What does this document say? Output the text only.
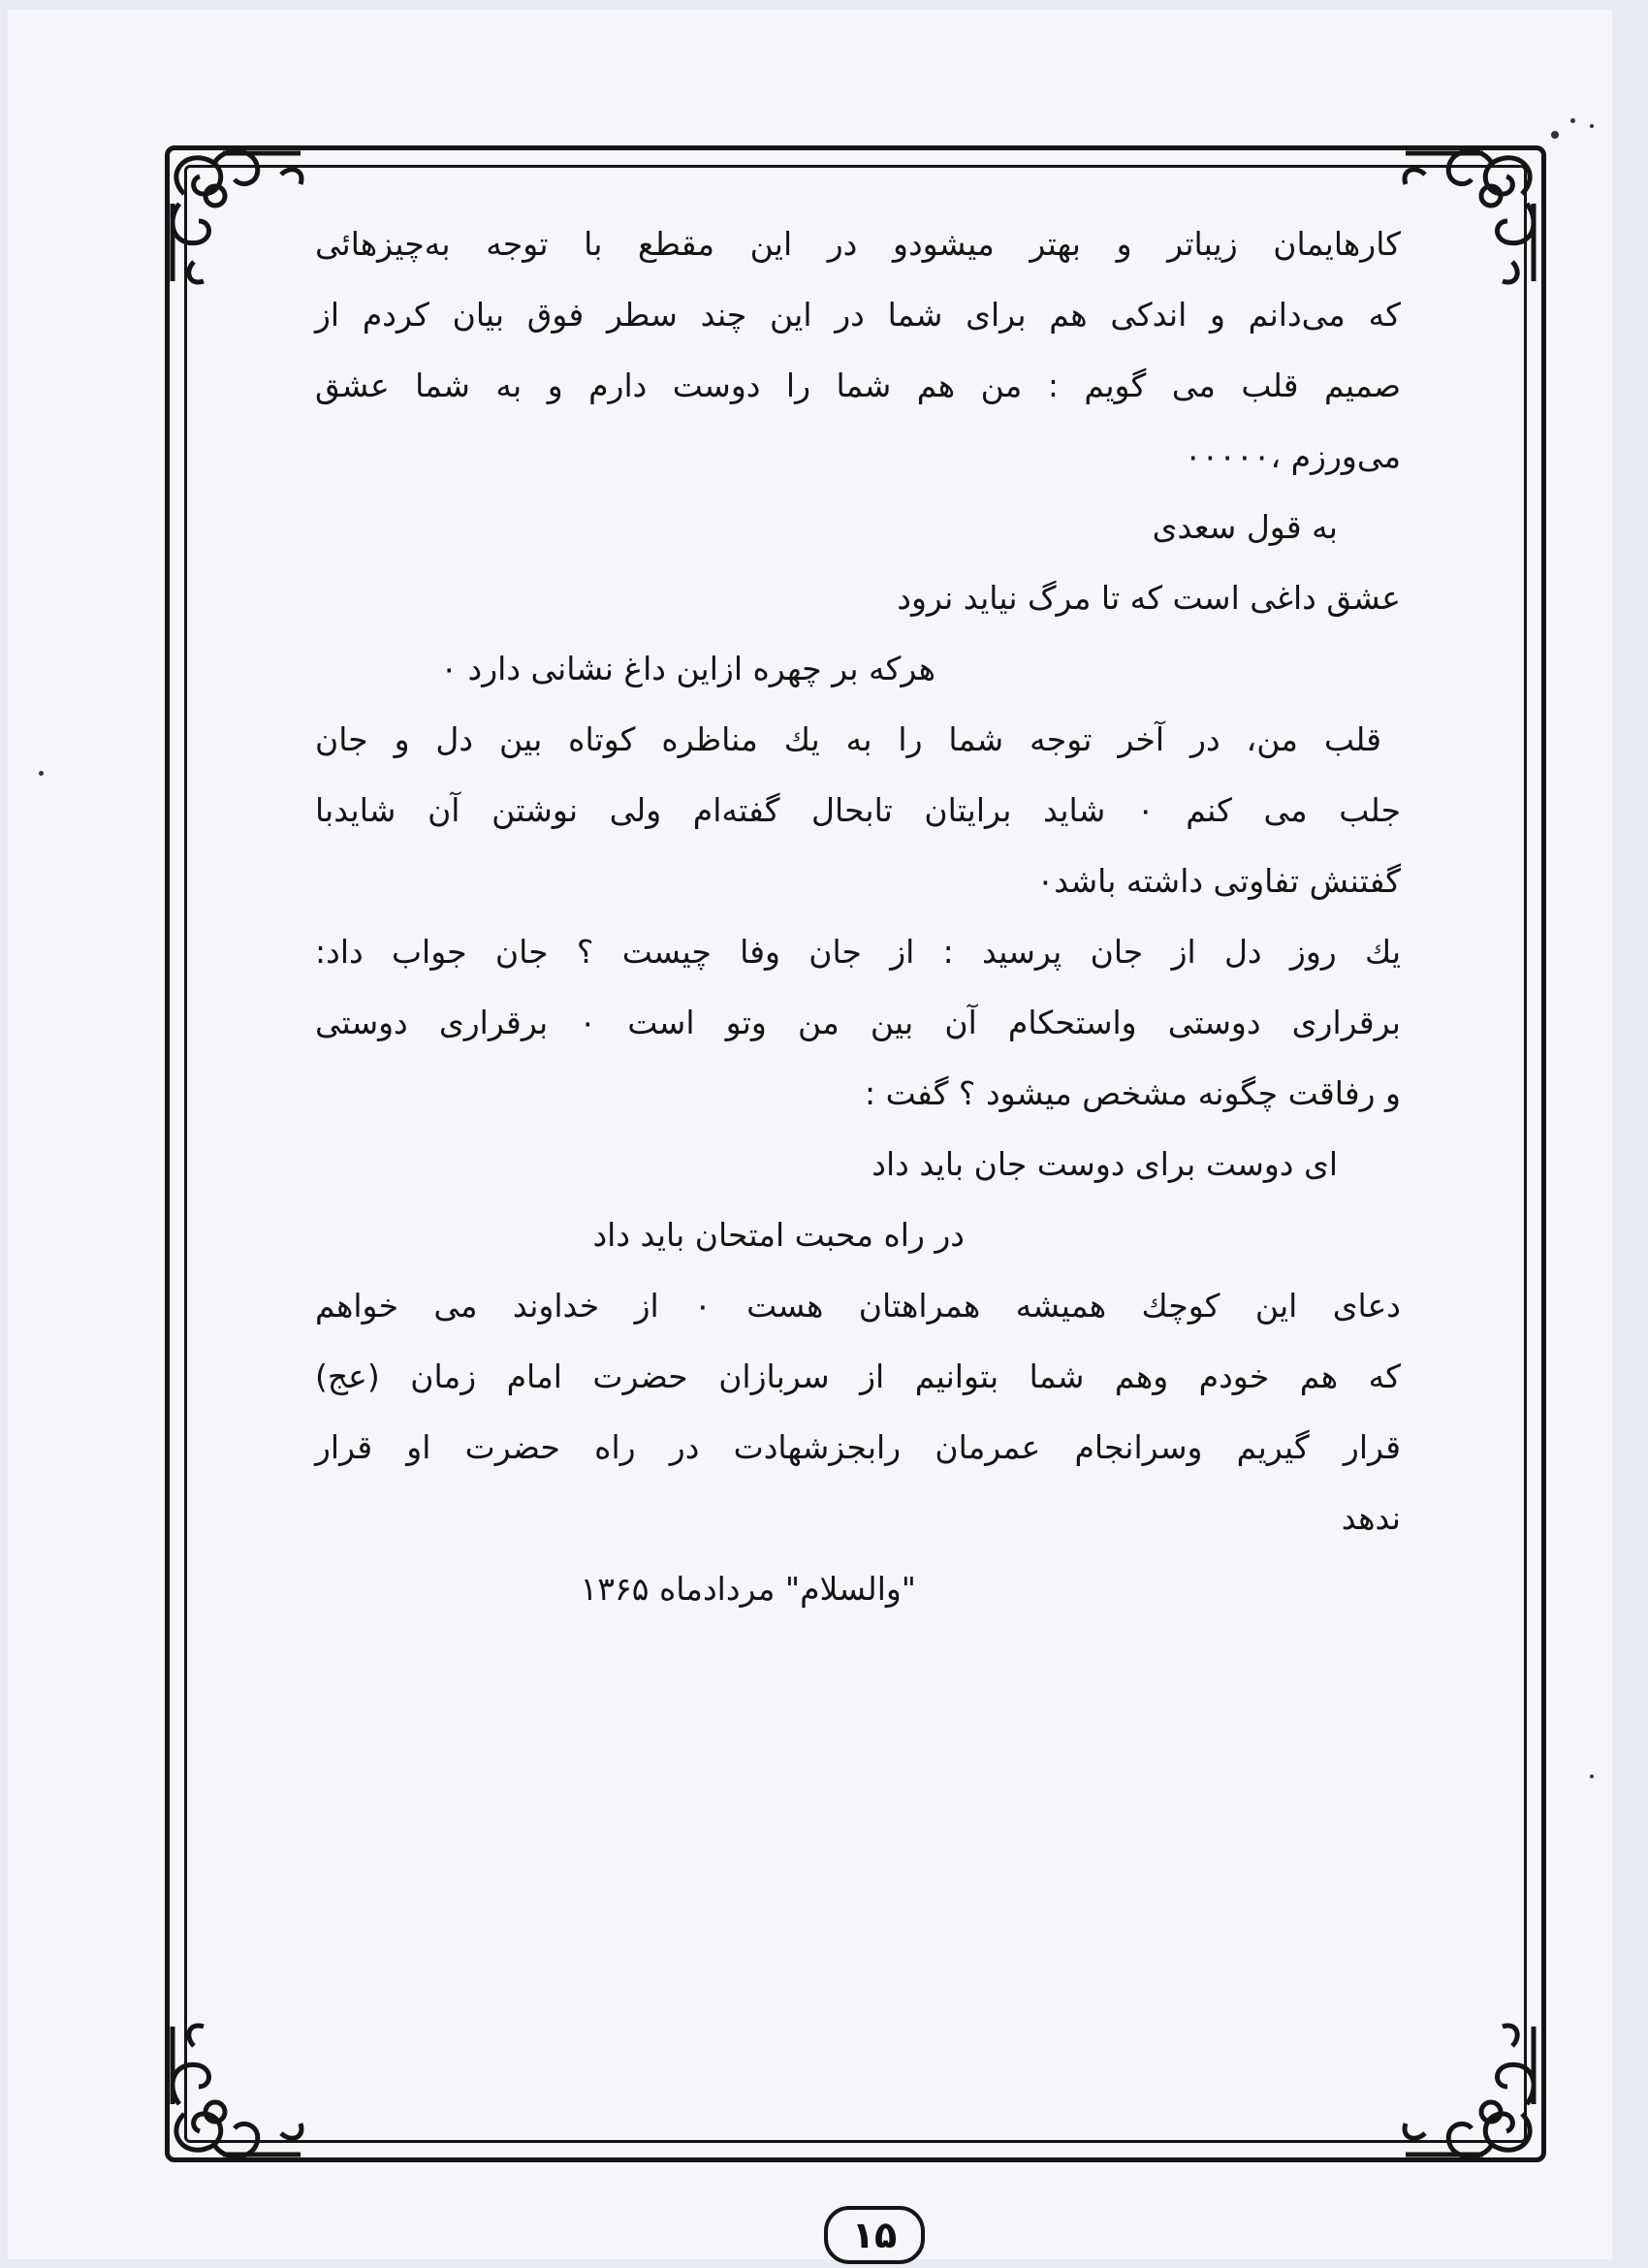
کارهایمان زیباتر و بهتر میشودو در این مقطع با توجه به‌چیزهائی
که می‌دانم و اندکی هم برای شما در این چند سطر فوق بیان کردم از
صمیم قلب می گویم : من هم شما را دوست دارم و به شما عشق
می‌ورزم ،۰۰۰۰۰
به قول سعدی
عشق داغی است که تا مرگ نیاید نرود
هرکه بر چهره ازاین داغ نشانی دارد ۰
قلب من، در آخر توجه شما را به یك مناظره کوتاه بین دل و جان
جلب می کنم ۰ شاید برایتان تابحال گفته‌ام ولی نوشتن آن شایدبا
گفتنش تفاوتی داشته باشد۰
یك روز دل از جان پرسید : از جان وفا چیست ؟ جان جواب داد:
برقراری دوستی واستحکام آن بین من وتو است ۰ برقراری دوستی
و رفاقت چگونه مشخص میشود ؟ گفت :
ای دوست برای دوست جان باید داد
در راه محبت امتحان باید داد
دعای این کوچك همیشه همراهتان هست ۰ از خداوند می خواهم
که هم خودم وهم شما بتوانیم از سربازان حضرت امام زمان (عج)
قرار گیریم وسرانجام عمرمان رابجزشهادت در راه حضرت او قرار
ندهد
"والسلام" مردادماه ۱۳۶۵
۱۵
